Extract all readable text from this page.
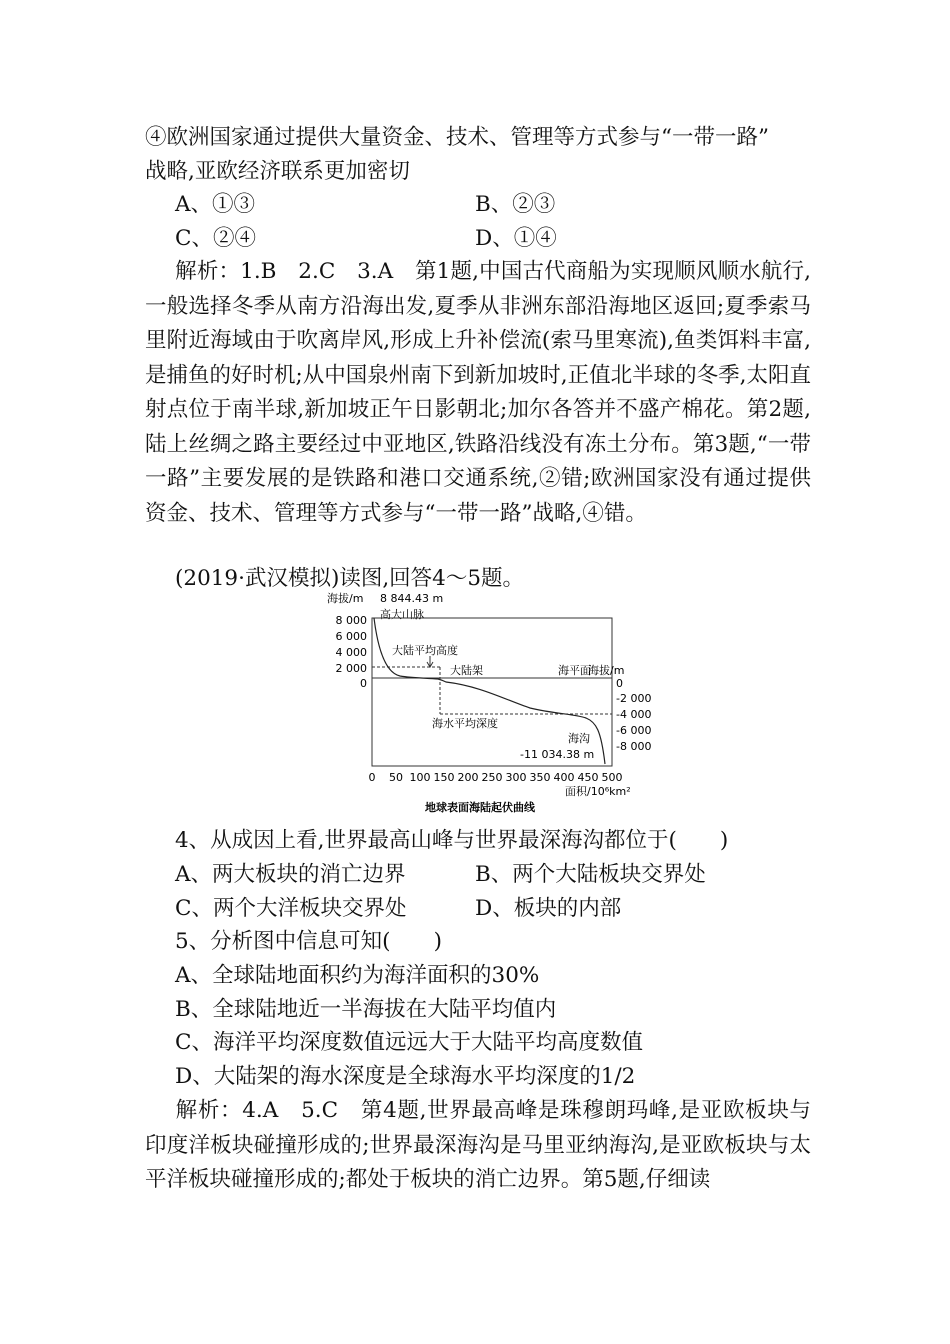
④欧洲国家通过提供大量资金、技术、管理等方式参与“一带一路”
战略,亚欧经济联系更加密切
A、①③	B、②③
C、②④	D、①④
解析：1.B　2.C　3.A　第1题,中国古代商船为实现顺风顺水航行,一般选择冬季从南方沿海出发,夏季从非洲东部沿海地区返回;夏季索马里附近海域由于吹离岸风,形成上升补偿流(索马里寒流),鱼类饵料丰富,是捕鱼的好时机;从中国泉州南下到新加坡时,正值北半球的冬季,太阳直射点位于南半球,新加坡正午日影朝北;加尔各答并不盛产棉花。第2题,陆上丝绸之路主要经过中亚地区,铁路沿线没有冻土分布。第3题,“一带一路”主要发展的是铁路和港口交通系统,②错;欧洲国家没有通过提供资金、技术、管理等方式参与“一带一路”战略,④错。
(2019·武汉模拟)读图,回答4～5题。
海拔/m 8 844.43 m
高大山脉
8 000
6 000
4 000
2 000
0
大陆平均高度
大陆架	海平面
海拔/m
海水平均深度
海沟
-11 034.38 m
0
-2 000
-4 000
-6 000
-8 000
0 50 100 150 200 250 300 350 400 450 500
面积/10⁶km²
地球表面海陆起伏曲线
4、从成因上看,世界最高山峰与世界最深海沟都位于(　　)
A、两大板块的消亡边界	B、两个大陆板块交界处
C、两个大洋板块交界处	D、板块的内部
5、分析图中信息可知(　　)
A、全球陆地面积约为海洋面积的30%
B、全球陆地近一半海拔在大陆平均值内
C、海洋平均深度数值远远大于大陆平均高度数值
D、大陆架的海水深度是全球海水平均深度的1/2
解析：4.A　5.C　第4题,世界最高峰是珠穆朗玛峰,是亚欧板块与印度洋板块碰撞形成的;世界最深海沟是马里亚纳海沟,是亚欧板块与太平洋板块碰撞形成的;都处于板块的消亡边界。第5题,仔细读
